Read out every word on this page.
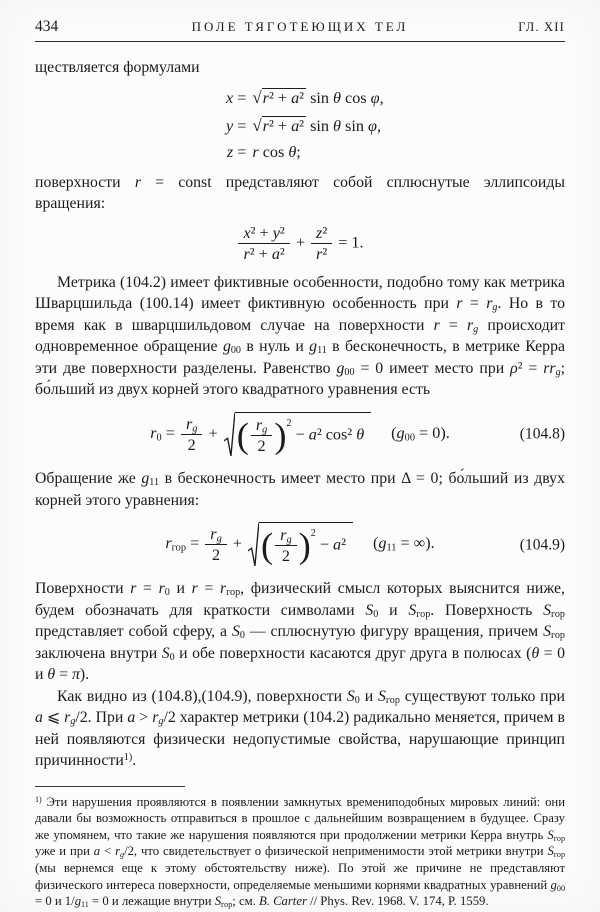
434	ПОЛЕ ТЯГОТЕЮЩИХ ТЕЛ	ГЛ. XII

ществляется формулами

x = √r² + a² sin θ cos φ,
y = √r² + a² sin θ sin φ,
z = r cos θ;

поверхности r = const представляют собой сплюснутые эллипсоиды вращения:

$\frac{\text{x² + y²}}{\text{r² + a²}} + \frac{\text{z²}}{\text{r²}} = 1$.

Метрика (104.2) имеет фиктивные особенности, подобно тому как метрика Шварцшильда (100.14) имеет фиктивную особенность при $r = r_g$. Но в то время как в шварцшильдовом случае на поверхности $r = r_g$ происходит одновременное обращение $g_{00}$ в нуль и $g_{11}$ в бесконечность, в метрике Керра эти две поверхности разделены. Равенство $g_{00} = 0$ имеет место при $\rho^2 = rr_g$; бо́льший из двух корней этого квадратного уравнения есть

$r_0 = \frac{r_g}{2}$ + ( $\frac{r_g}{2} )^2 - a^2$ cos² θ	$(g_{00} = 0)$.	(104.8)

Обращение же $g_{11}$ в бесконечность имеет место при Δ = 0; бо́льший из двух корней этого уравнения:

$r_{гор} = \frac{r_g}{2}$ + ( $\frac{r_g}{2} )^2 - a^2$	($g_{11}$ = ∞).	(104.9)

Поверхности $r = r_0$ и $r = r_{гор}$, физический смысл которых выяснится ниже, будем обозначать для краткости символами $S_0$ и $S_{гор}$. Поверхность $S_{гор}$ представляет собой сферу, а $S_0$ — сплюснутую фигуру вращения, причем $S_{гор}$ заключена внутри $S_0$ и обе поверхности касаются друг друга в полюсах (θ = 0 и θ = π).

Как видно из (104.8),(104.9), поверхности $S_0$ и $S_{гор}$ существуют только при a ⩽ $r_g/2$. При $a > r_g/2$ характер метрики (104.2) радикально меняется, причем в ней появляются физически недопустимые свойства, нарушающие принцип причинности$^{1)}$.

$^{1)}$ Эти нарушения проявляются в появлении замкнутых времениподобных мировых линий: они давали бы возможность отправиться в прошлое с дальнейшим возвращением в будущее. Сразу же упомянем, что такие же нарушения появляются при продолжении метрики Керра внутрь $S_{гор}$ уже и при $a < r_g/2$, что свидетельствует о физической неприменимости этой метрики внутри $S_{гор}$ (мы вернемся еще к этому обстоятельству ниже). По этой же причине не представляют физического интереса поверхности, определяемые меньшими корнями квадратных уравнений $g_{00} = 0$ и $1/g_{11} = 0$ и лежащие внутри $S_{гор}$; см. B. Carter // Phys. Rev. 1968. V. 174, P. 1559.
